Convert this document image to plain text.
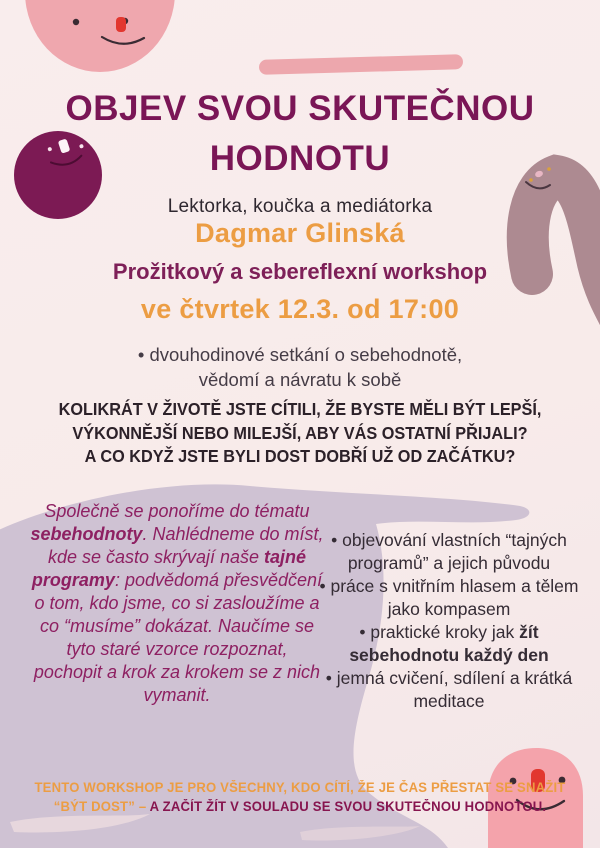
OBJEV SVOU SKUTEČNOU
HODNOTU
Lektorka, koučka a mediátorka
Dagmar Glinská
Prožitkový a sebereflexní workshop
ve čtvrtek 12.3. od 17:00
• dvouhodinové setkání o sebehodnotě,
vědomí a návratu k sobě
KOLIKRÁT V ŽIVOTĚ JSTE CÍTILI, ŽE BYSTE MĚLI BÝT LEPŠÍ,
VÝKONNĚJŠÍ NEBO MILEJŠÍ, ABY VÁS OSTATNÍ PŘIJALI?
A CO KDYŽ JSTE BYLI DOST DOBŘÍ UŽ OD ZAČÁTKU?
Společně se ponoříme do tématu sebehodnoty. Nahlédneme do míst, kde se často skrývají naše tajné programy: podvědomá přesvědčení o tom, kdo jsme, co si zasloužíme a co “musíme” dokázat. Naučíme se tyto staré vzorce rozpoznat, pochopit a krok za krokem se z nich vymanit.
• objevování vlastních “tajných programů” a jejich původu
• práce s vnitřním hlasem a tělem jako kompasem
• praktické kroky jak žít sebehodnotu každý den
• jemná cvičení, sdílení a krátká meditace
TENTO WORKSHOP JE PRO VŠECHNY, KDO CÍTÍ, ŽE JE ČAS PŘESTAT SE SNAŽIT
“BÝT DOST” – A ZAČÍT ŽÍT V SOULADU SE SVOU SKUTEČNOU HODNOTOU.
